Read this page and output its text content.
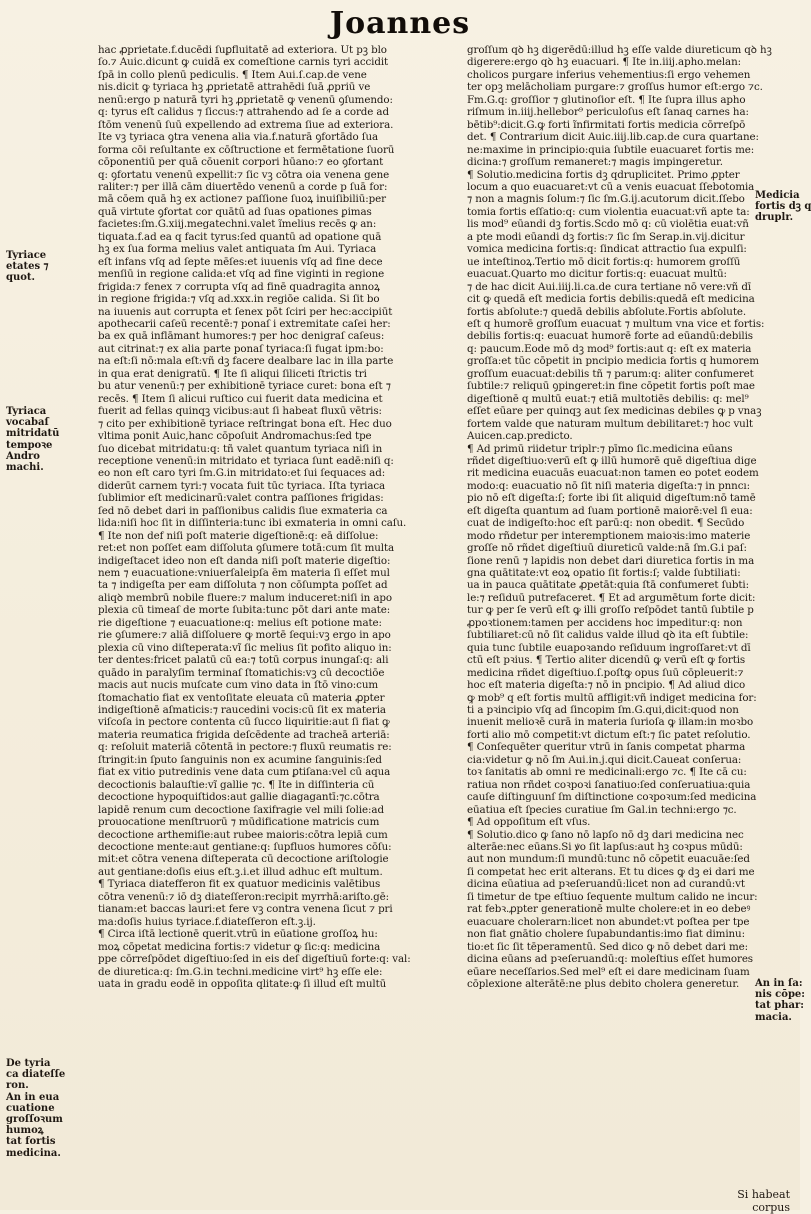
Joannes
Tyriace
etates ⁊
quot.
Tyriaca
vocabaſ
mitridatū
tempoꝛe
Andro
machi.
De tyria
ca diateſſe
ron.
An in eua
cuatione
groſſoꝛum
humoꝝ
tat fortis
medicina.
hac ꝓprietate.f.ducēdi ſuꝑfluitatē ad exteriora. Ut pꝫ blo
ſo.⁊ Auic.dicunt ꝙ cuidā ex comeſtione carnis tyri accidit
ſpā in collo plenū pediculis. ¶ Item Aui.ſ.cap.de vene
nis.dicit ꝙ tyriaca hꝫ ꝓprietatē attrahēdi ſuā ꝓpriū ve
nenū:ergo p naturā tyri hꝫ ꝓprietatē ꝙ venenū ꝯſumendo:
q: tyrus eſt calidus ⁊ ſiccus:⁊ attrahendo ad ſe a corde ad
ſtōm venenū ſuū expellendo ad extrema ſiue ad exteriora.
Ite vꝫ tyriaca ꝯtra venena alia via.f.naturā ꝯfortādo ſua
forma cōi reſultante ex cōſtructione et fermētatione ſuorū
cōponentiū per quā cōuenit corpori hūano:⁊ eo ꝯfortant
q: ꝯfortatu venenū expellit:⁊ ſic vꝫ cōtra oia venena gene
raliter:⁊ per illā cām diuertēdo venenū a corde p ſuā for:
mā cōem quā hꝫ ex actione⁊ paſſione ſuoꝝ inuiſibiliū:per
quā virtute ꝯfortat cor quātū ad ſuas opationes ꝑimas
facietes:ſm.G.xiij.megatechni.valet ĩmelius recēs ꝙ an:
tiquata.f.ad ea q facit tyrus:ſed quantū ad opatione quā
hꝫ ex ſua forma melius valet antiquata ſm Aui. Tyriaca
eſt infans vſq ad ſepte mēſes:et iuuenis vſq ad fine dece
menſiū in regione calida:et vſq ad fine viginti in regione
frigida:⁊ fenex ⁊ corrupta vſq ad finē quadragita annoꝝ
in regione frigida:⁊ vſq ad.xxx.in regiōe calida. Si ſit bo
na iuuenis aut corrupta et ſenex pōt ſciri per hec:accipiūt
apothecarii caſeū recentē:⁊ ponaſ i extremitate caſei her:
ba ex quā inflāmant humores:⁊ per hoc denigraſ caſeus:
aut citrinat:⁊ ex alia parte ponaſ tyriaca:ſi fugat ipm:bo:
na eſt:ſi nō:mala eſt:vñ dꝫ facere dealbare lac in illa parte
in qua erat denigratū. ¶ Ite ſi aliqui ſiliceti ſtrictis tri
bu atur venenū:⁊ per exhibitionē tyriace curet: bona eſt ⁊
recēs. ¶ Item ſi alicui ruſtico cui fuerit data medicina et
fuerit ad fellas quinqꝫ vicibus:aut ſi habeat fluxū vētris:
⁊ cito per exhibitionē tyriace reſtringat bona eſt. Hec duo
vltima ponit Auic,hanc cōpoſuit Andromachus:ſed tpe
ſuo dicebat mitridatu:q: tñ valet quantum tyriaca niſi in
receptione venenū:in mitridato et tyriaca ſunt eadē:niſi q:
eo non eſt caro tyri ſm.G.in mitridato:et ſui ſequaces ad:
diderūt carnem tyri:⁊ vocata fuit tūc tyriaca. Iſta tyriaca
ſublimior eſt medicinarū:valet contra paſſiones frigidas:
ſed nō debet dari in paſſionibus calidis ſiue exmateria ca
lida:niſi hoc ſit in diſſinteria:tunc ibi exmateria in omni caſu.
¶ Ite non def niſi poſt materie digeſtionē:q: eā diſſolue:
ret:et non poſſet eam diſſoluta ꝯſumere totā:cum ſit multa
indigeſtacet ideo non eſt danda niſi poſt materie digeſtio:
nem ⁊ euacuatione:vniuerſaleipſa ēm materia ſi eſſet mul
ta ⁊ indigeſta per eam diſſoluta ⁊ non cōſumpta poſſet ad
aliqꝺ membrū nobile fluere:⁊ malum induceret:niſi in apo
plexia cū timeaſ de morte ſubita:tunc pōt dari ante mate:
rie digeſtione ⁊ euacuatione:q: melius eſt potione mate:
rie ꝯſumere:⁊ aliā diſſoluere ꝙ mortē ſequi:vꝫ ergo in apo
plexia cū vino diſteperata:vĩ ſic melius ſit pofito aliquo in:
ter dentes:fricet palatū cū ea:⁊ totū corpus inungaſ:q: ali
quādo in paralyſim terminaſ ſtomatichis:vꝫ cū decoctiōe
macis aut nucis muſcate cum vino data in ſtō vino:cum
ſtomachatio fiat ex ventoſitate eleuata cū materia ꝓpter
indigeſtionē aſmaticis:⁊ raucedini vocis:cū ſit ex materia
viſcoſa in pectore contenta cū ſucco liquiritie:aut ſi fiat ꝙ
materia reumatica frigida deſcēdente ad tracheā arteriā:
q: reſoluit materiā cōtentā in pectore:⁊ fluxū reumatis re:
ſtringit:in ſputo ſanguinis non ex acumine ſanguinis:ſed
fiat ex vitio putredinis vene data cum ꝑtiſana:vel cū aqua
decoctionis balauſtie:vĩ gallie ⁊c. ¶ Ite in diſſinteria cū
decoctione hypoquiſtidos:aut gallie diagagantī:⁊c.cōtra
lapidē renum cum decoctione ſaxifragie vel mili ſolie:ad
prouocatione menſtruorū ⁊ mūdificatione matricis cum
decoctione arthemiſie:aut rubee maioris:cōtra lepiā cum
decoctione mente:aut gentiane:q: ſupfluos humores cōſu:
mit:et cōtra venena diſteperata cū decoctione ariſtologie
aut gentiane:doſis eius eſt.ꝫ.i.et illud adhuc eſt multum.
¶ Tyriaca diatefferon fit ex quatuor medicinis valētibus
cōtra venenū:⁊ iō dꝫ diateſſeron:recipit myrrhā:ariſto.gē:
tianam:et baccas lauri:et fere vꝫ contra venena ſicut ⁊ pri
ma:doſis huius tyriace.f.diateſſeron eſt.ꝫ.ij.
¶ Circa iſtā lectionē querit.vtrū in eūatione groſſoꝝ hu:
moꝝ cōpetat medicina fortis:⁊ videtur ꝙ ſic:q: medicina
ppe cōrreſpōdet digeſtiuo:ſed in eis deſ digeſtiuū forte:q: val:
de diuretica:q: ſm.G.in techni.medicine virt⁹ hꝫ eſſe ele:
uata in gradu eodē in oppoſita qlitate:ꝙ ſi illud eſt multū
groſſum qꝺ hꝫ digerēdū:illud hꝫ eſſe valde diureticum qꝺ hꝫ
digerere:ergo qꝺ hꝫ euacuari. ¶ Ite in.iiij.apho.melan:
cholicos purgare inferius vehementius:ſi ergo vehemen
ter opꝫ melācholiam purgare:⁊ groſſus humor eſt:ergo ⁊c.
Fm.G.q: groſſior ⁊ glutinoſior eſt. ¶ Ite ſupra illus apho
riſmum in.iiij.hellebor⁹ periculoſus eſt ſanaq carnes ha:
bētib⁹:dicit.G.ꝙ forti ĩnfirmitati fortis medicia cōrreſpō
det. ¶ Contrarium dicit Auic.iiij.lib.cap.de cura quartane:
ne:maxime in principio:quia ſubtile euacuaret fortis me:
dicina:⁊ groſſum remaneret:⁊ magis impingeretur.
¶ Solutio.medicina fortis dꝫ qdruplicitet. Primo ꝓpter
locum a quo euacuaret:vt cū a venis euacuat ſſebotomia
⁊ non a magnis ſolum:⁊ ſic ſm.G.ij.acutorum dicit.ſſebo
tomia fortis eſſatio:q: cum violentia euacuat:vñ apte ta:
lis mod⁹ eūandi dꝫ fortis.Scdo mō q: cū violētia euat:vñ
a pte modi eūandi dꝫ fortis:⁊ ſic ſm Serap.in.vij.dicitur
vomica medicina fortis:q: ſindicat attractio ſua expulſi:
ue inteſtinoꝝ.Tertio mō dicit fortis:q: humorem groſſū
euacuat.Quarto mo dicitur fortis:q: euacuat multū:
⁊ de hac dicit Aui.iiij.li.ca.de cura tertiane nō vere:vñ dī
cit ꝙ quedā eſt medicia fortis debilis:quedā eſt medicina
fortis abſolute:⁊ quedā debilis abſolute.Fortis abſolute.
eſt q humorē groſſum euacuat ⁊ multum vna vice et fortis:
debilis fortis:q: euacuat humorē forte ad eūandū:debilis
q: paucum.Eode mō dꝫ mod⁹ fortis:aut q: eſt ex materia
groſſa:et tūc cōpetit in pncipio medicia fortis q humorem
groſſum euacuat:debilis tñ ⁊ parum:q: aliter confumeret
ſubtile:⁊ reliquū ꝯpingeret:in fine cōpetit fortis poſt mae
digeſtionē q multū euat:⁊ etiā multotiēs debilis: q: mel⁹
eſſet eūare per quinqꝫ aut ſex medicinas debiles ꝙ p vnaꝫ
fortem valde que naturam multum debilitaret:⁊ hoc vult
Auicen.cap.predicto.
¶ Ad primū riidetur triplr:⁊ pīmo ſic.medicina eūans
rñdet digeſtiuo:verū eſt ꝙ illū humorē quē digeſtiua dige
rit medicina euacuās euacuat:non tamen eo potet eodem
modo:q: euacuatio nō ſit niſi materia digeſta:⁊ in pnncı:
pio nō eſt digeſta:ſ; forte ibi ſit aliquid digeſtum:nō tamē
eſt digeſta quantum ad ſuam portionē maiorē:vel ſi eua:
cuat de indigeſto:hoc eſt parū:q: non obedit. ¶ Secūdo
modo rñdetur per interemptionem maioꝛis:imo materie
groſſe nō rñdet digeſtiuū diureticū valde:nā ſm.G.i paſ:
ſione renū ⁊ lapidis non debet dari diuretica fortis in ma
gna quātitate:vt eoꝝ opatio ſit fortis:ſ; valde ſubtiliati:
ua in pauca quātitate ꝓpetāt:quia ſtā confumeret ſubti:
le:⁊ reſiduū putrefaceret. ¶ Et ad argumētum forte dicit:
tur ꝙ per ſe verū eſt ꝙ illi groſſo reſpōdet tantū ſubtile p
ꝓpoꝛtionem:tamen per accidens hoc impeditur:q: non
ſubtiliaret:cū nō ſit calidus valde illud qꝺ ita eſt ſubtile:
quia tunc ſubtile euapoꝛando reſiduum ingroſſaret:vt dī
ctū eſt pꝛius. ¶ Tertio aliter dicendū ꝙ verū eſt ꝙ fortis
medicina rñdet digeſtiuo.ſ.poſtꝙ opus ſuū cōpleuerit:⁊
hoc eſt materia digeſta:⁊ nō in pncipio. ¶ Ad aliud dico
ꝙ mob⁹ q eſt fortis multū affligit:vñ indiget medicina for:
ti a pꝛincipio vſq ad ſincopim ſm.G.qui,dicit:quod non
inuenit melioꝛē curā in materia ſurioſa ꝙ illam:in moꝛbo
forti alio mō competit:vt dictum eſt:⁊ ſic patet reſolutio.
¶ Conſequēter queritur vtrū in ſanis competat pharma
cia:videtur ꝙ nō ſm Aui.in.j.qui dicit.Caueat conſerua:
toꝛ ſanitatis ab omni re medicinali:ergo ⁊c. ¶ Ite cā cu:
ratiua non rñdet coꝛpoꝛi ſanatiuo:ſed conſeruatiua:quia
cauſe diſtinguunſ ſm diſtinctione coꝛpoꝛum:ſed medicina
eūatiua eſt ſpecies curatiue ſm Gal.in techni:ergo ⁊c.
¶ Ad oppoſitum eſt vſus.
¶ Solutio.dico ꝙ ſano nō lapſo nō dꝫ dari medicina nec
alterāe:nec eūans.Si ꝟo ſit lapſus:aut hꝫ coꝛpus mūdū:
aut non mundum:ſi mundū:tunc nō cōpetit euacuāe:ſed
ſi competat hec erit alterans. Et tu dices ꝙ dꝫ ei dari me
dicina eūatiua ad pꝛeſeruandū:licet non ad curandū:vt
ſi timetur de tpe eſtiuo ſequente multum calido ne incur:
rat febꝛ.ꝓpter generationē multe cholere:et in eo debeꝰ
euacuare cholerarn:licet non abundet:vt poſtea per tpe
non fiat gnātio cholere ſupabundantis:imo fiat diminu:
tio:et ſic ſit tēperamentū. Sed dico ꝙ nō debet dari me:
dicina eūans ad pꝛeſeruandū:q: moleſtius eſſet humores
eūare neceſſarios.Sed mel⁹ eſt ei dare medicinam ſuam
cōplexione alterātē:ne plus debito cholera generetur.
Medicia
fortis dꝫ q
druplr.
An in ſa:
nis cōpe:
tat phar:
macia.
Si habeat corpus
